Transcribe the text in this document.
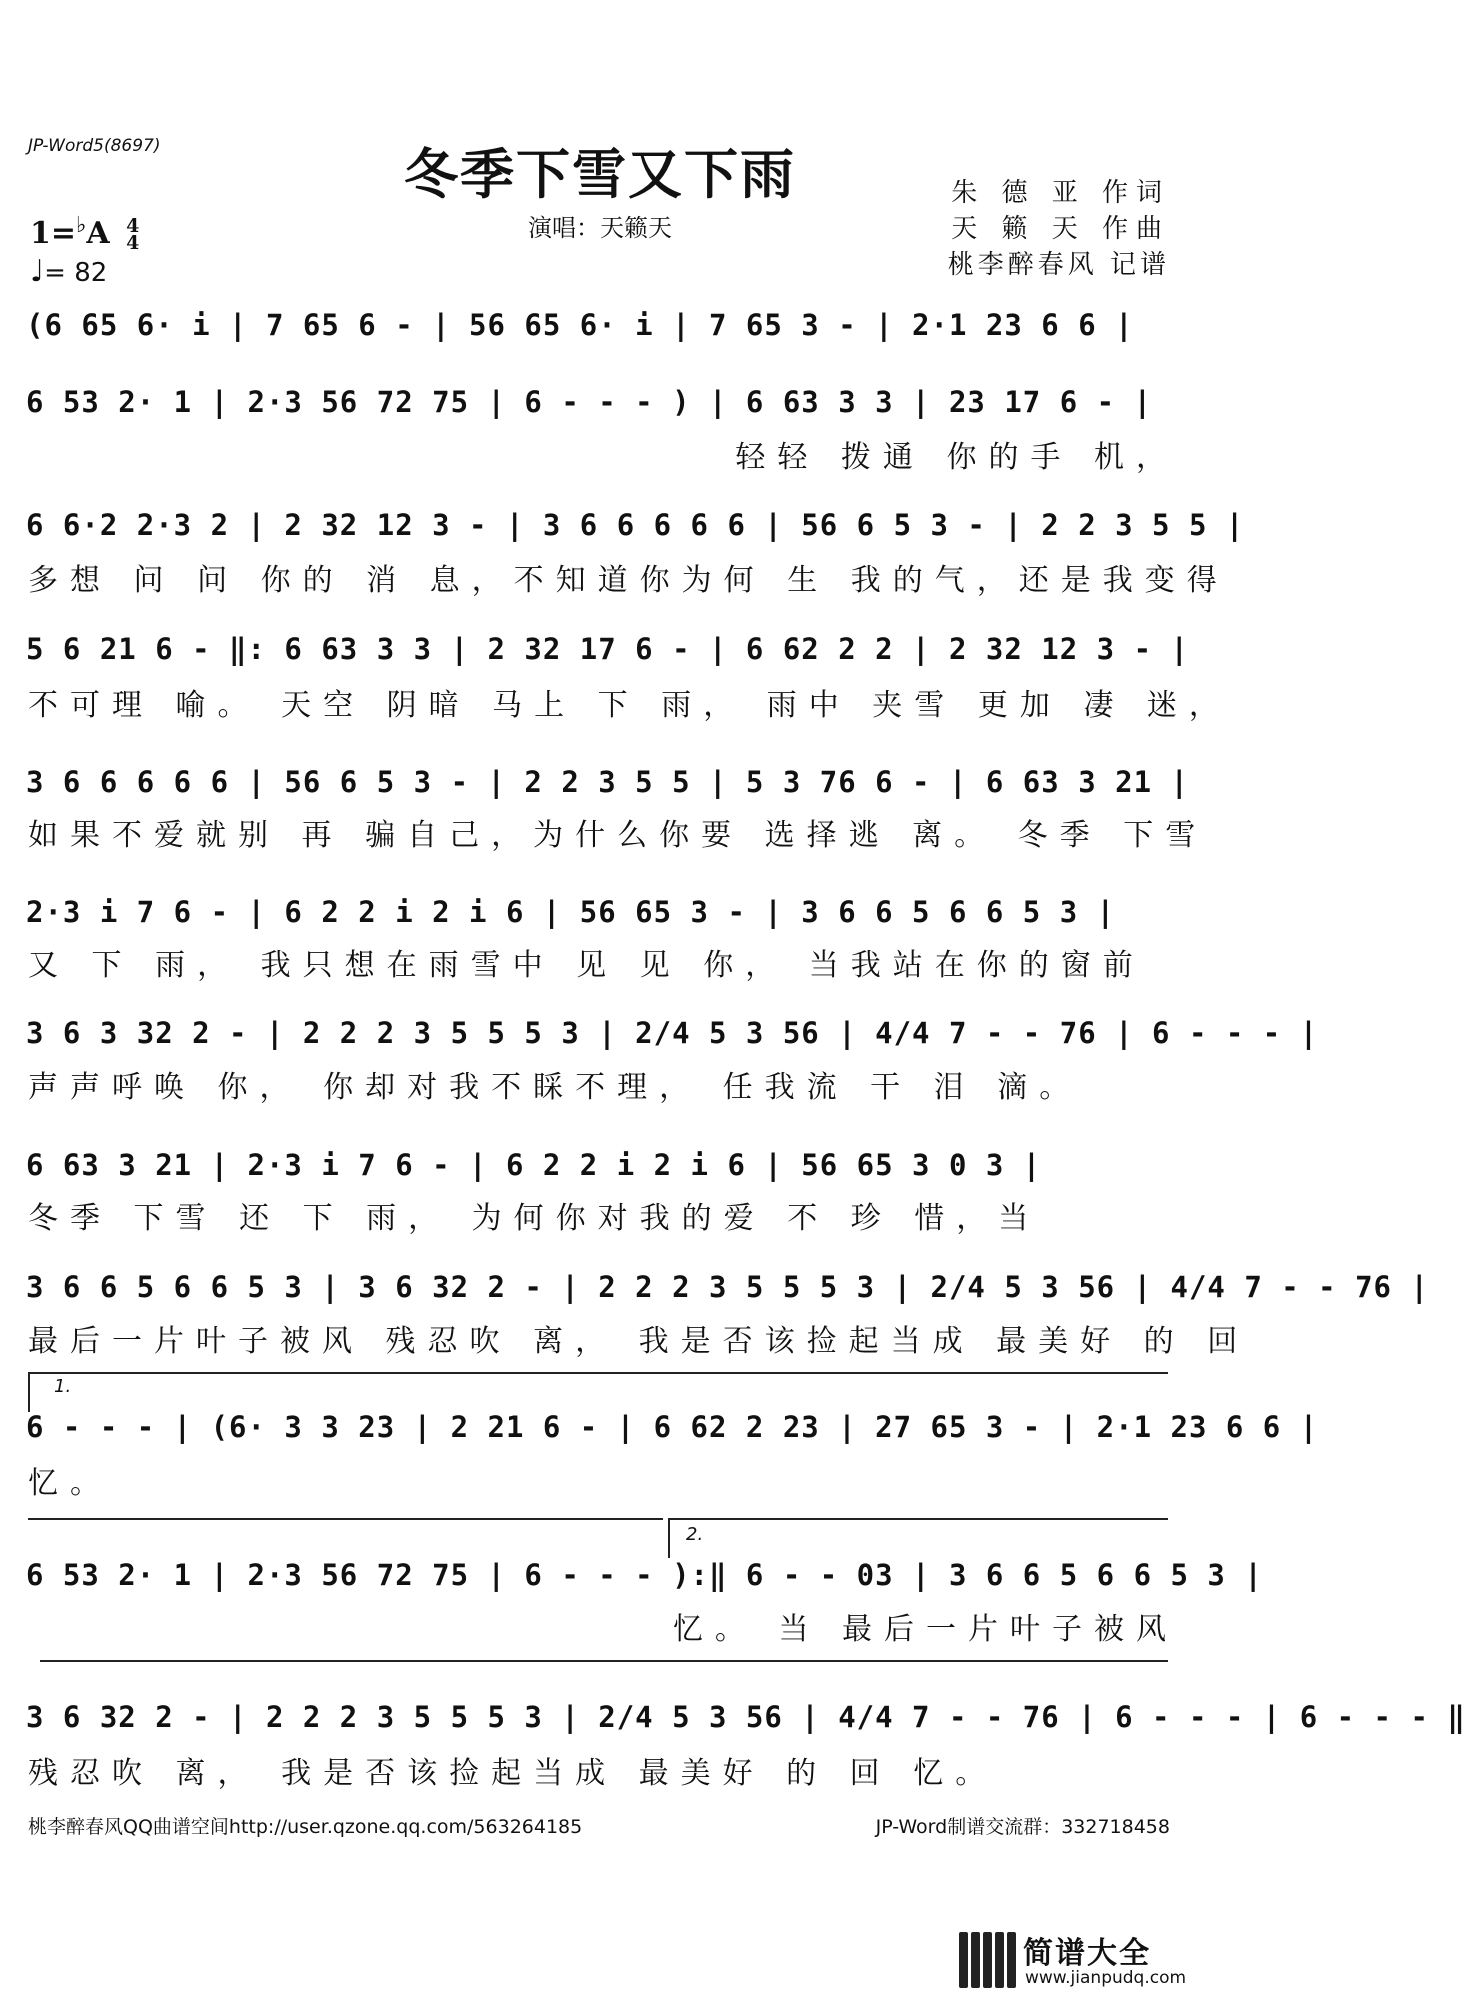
JP-Word5(8697)	冬季下雪又下雨
演唱：天籁天
朱 德 亚 作词
天 籁 天 作曲
桃李醉春风 记谱
1=♭A 4
4
♩= 82
(6 65 6· i | 7 65 6 - | 56 65 6· i | 7 65 3 - | 2·1 23 6 6 |
6 53 2· 1 | 2·3 56 72 75 | 6 - - - ) | 6 63 3 3 | 23 17 6 - |
轻轻 拨通 你的手 机，
6 6·2 2·3 2 | 2 32 12 3 - | 3 6 6 6 6 6 | 56 6 5 3 - | 2 2 3 5 5 |
多想 问 问 你的 消 息，不知道你为何 生 我的气，还是我变得
5 6 21 6 - ‖: 6 63 3 3 | 2 32 17 6 - | 6 62 2 2 | 2 32 12 3 - |
不可理 喻。 天空 阴暗 马上 下 雨， 雨中 夹雪 更加 凄 迷，
3 6 6 6 6 6 | 56 6 5 3 - | 2 2 3 5 5 | 5 3 76 6 - | 6 63 3 21 |
如果不爱就别 再 骗自己，为什么你要 选择逃 离。 冬季 下雪
2·3 i 7 6 - | 6 2 2 i 2 i 6 | 56 65 3 - | 3 6 6 5 6 6 5 3 |
又 下 雨， 我只想在雨雪中 见 见 你， 当我站在你的窗前
3 6 3 32 2 - | 2 2 2 3 5 5 5 3 | 2/4 5 3 56 | 4/4 7 - - 76 | 6 - - - |
声声呼唤 你， 你却对我不睬不理， 任我流 干 泪 滴。
6 63 3 21 | 2·3 i 7 6 - | 6 2 2 i 2 i 6 | 56 65 3 0 3 |
冬季 下雪 还 下 雨， 为何你对我的爱 不 珍 惜，当
3 6 6 5 6 6 5 3 | 3 6 32 2 - | 2 2 2 3 5 5 5 3 | 2/4 5 3 56 | 4/4 7 - - 76 |
最后一片叶子被风 残忍吹 离， 我是否该捡起当成 最美好 的 回
1.
6 - - - | (6· 3 3 23 | 2 21 6 - | 6 62 2 23 | 27 65 3 - | 2·1 23 6 6 |
忆。
2.
6 53 2· 1 | 2·3 56 72 75 | 6 - - - ):‖ 6 - - 03 | 3 6 6 5 6 6 5 3 |
忆。 当 最后一片叶子被风
3 6 32 2 - | 2 2 2 3 5 5 5 3 | 2/4 5 3 56 | 4/4 7 - - 76 | 6 - - - | 6 - - - ‖
残忍吹 离， 我是否该捡起当成 最美好 的 回 忆。
桃李醉春风QQ曲谱空间http://user.qzone.qq.com/563264185	JP-Word制谱交流群：332718458
简谱大全
www.jianpudq.com
